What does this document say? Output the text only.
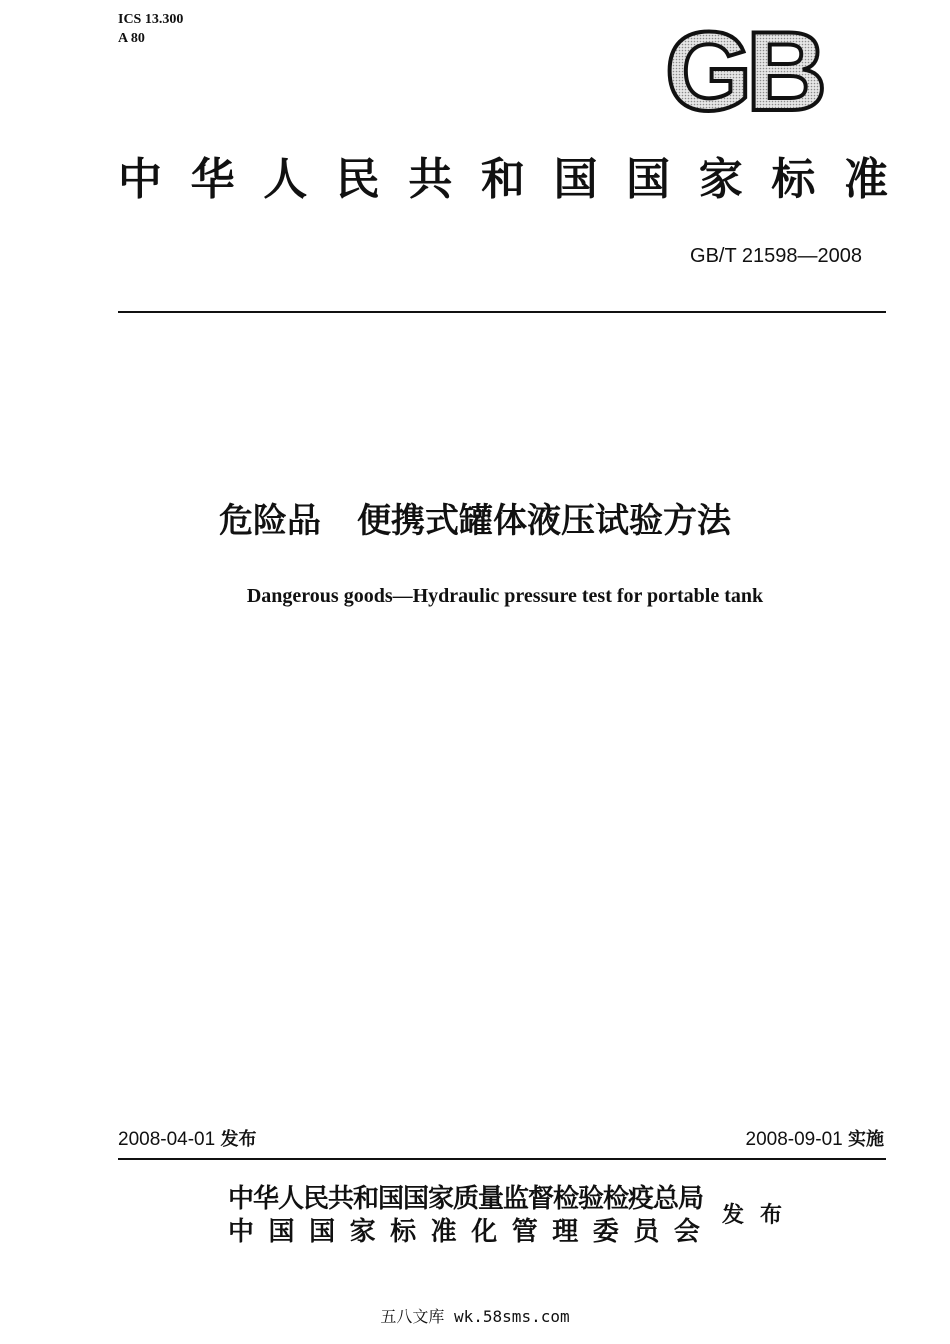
ICS 13.300
A 80	GB
中 华 人 民 共 和 国 国 家 标 准
GB/T 21598—2008
危险品 便携式罐体液压试验方法
Dangerous goods—Hydraulic pressure test for portable tank
2008-04-01 发布	2008-09-01 实施
中华人民共和国国家质量监督检验检疫总局
中 国 国 家 标 准 化 管 理 委 员 会
发 布
五八文库 wk.58sms.com
